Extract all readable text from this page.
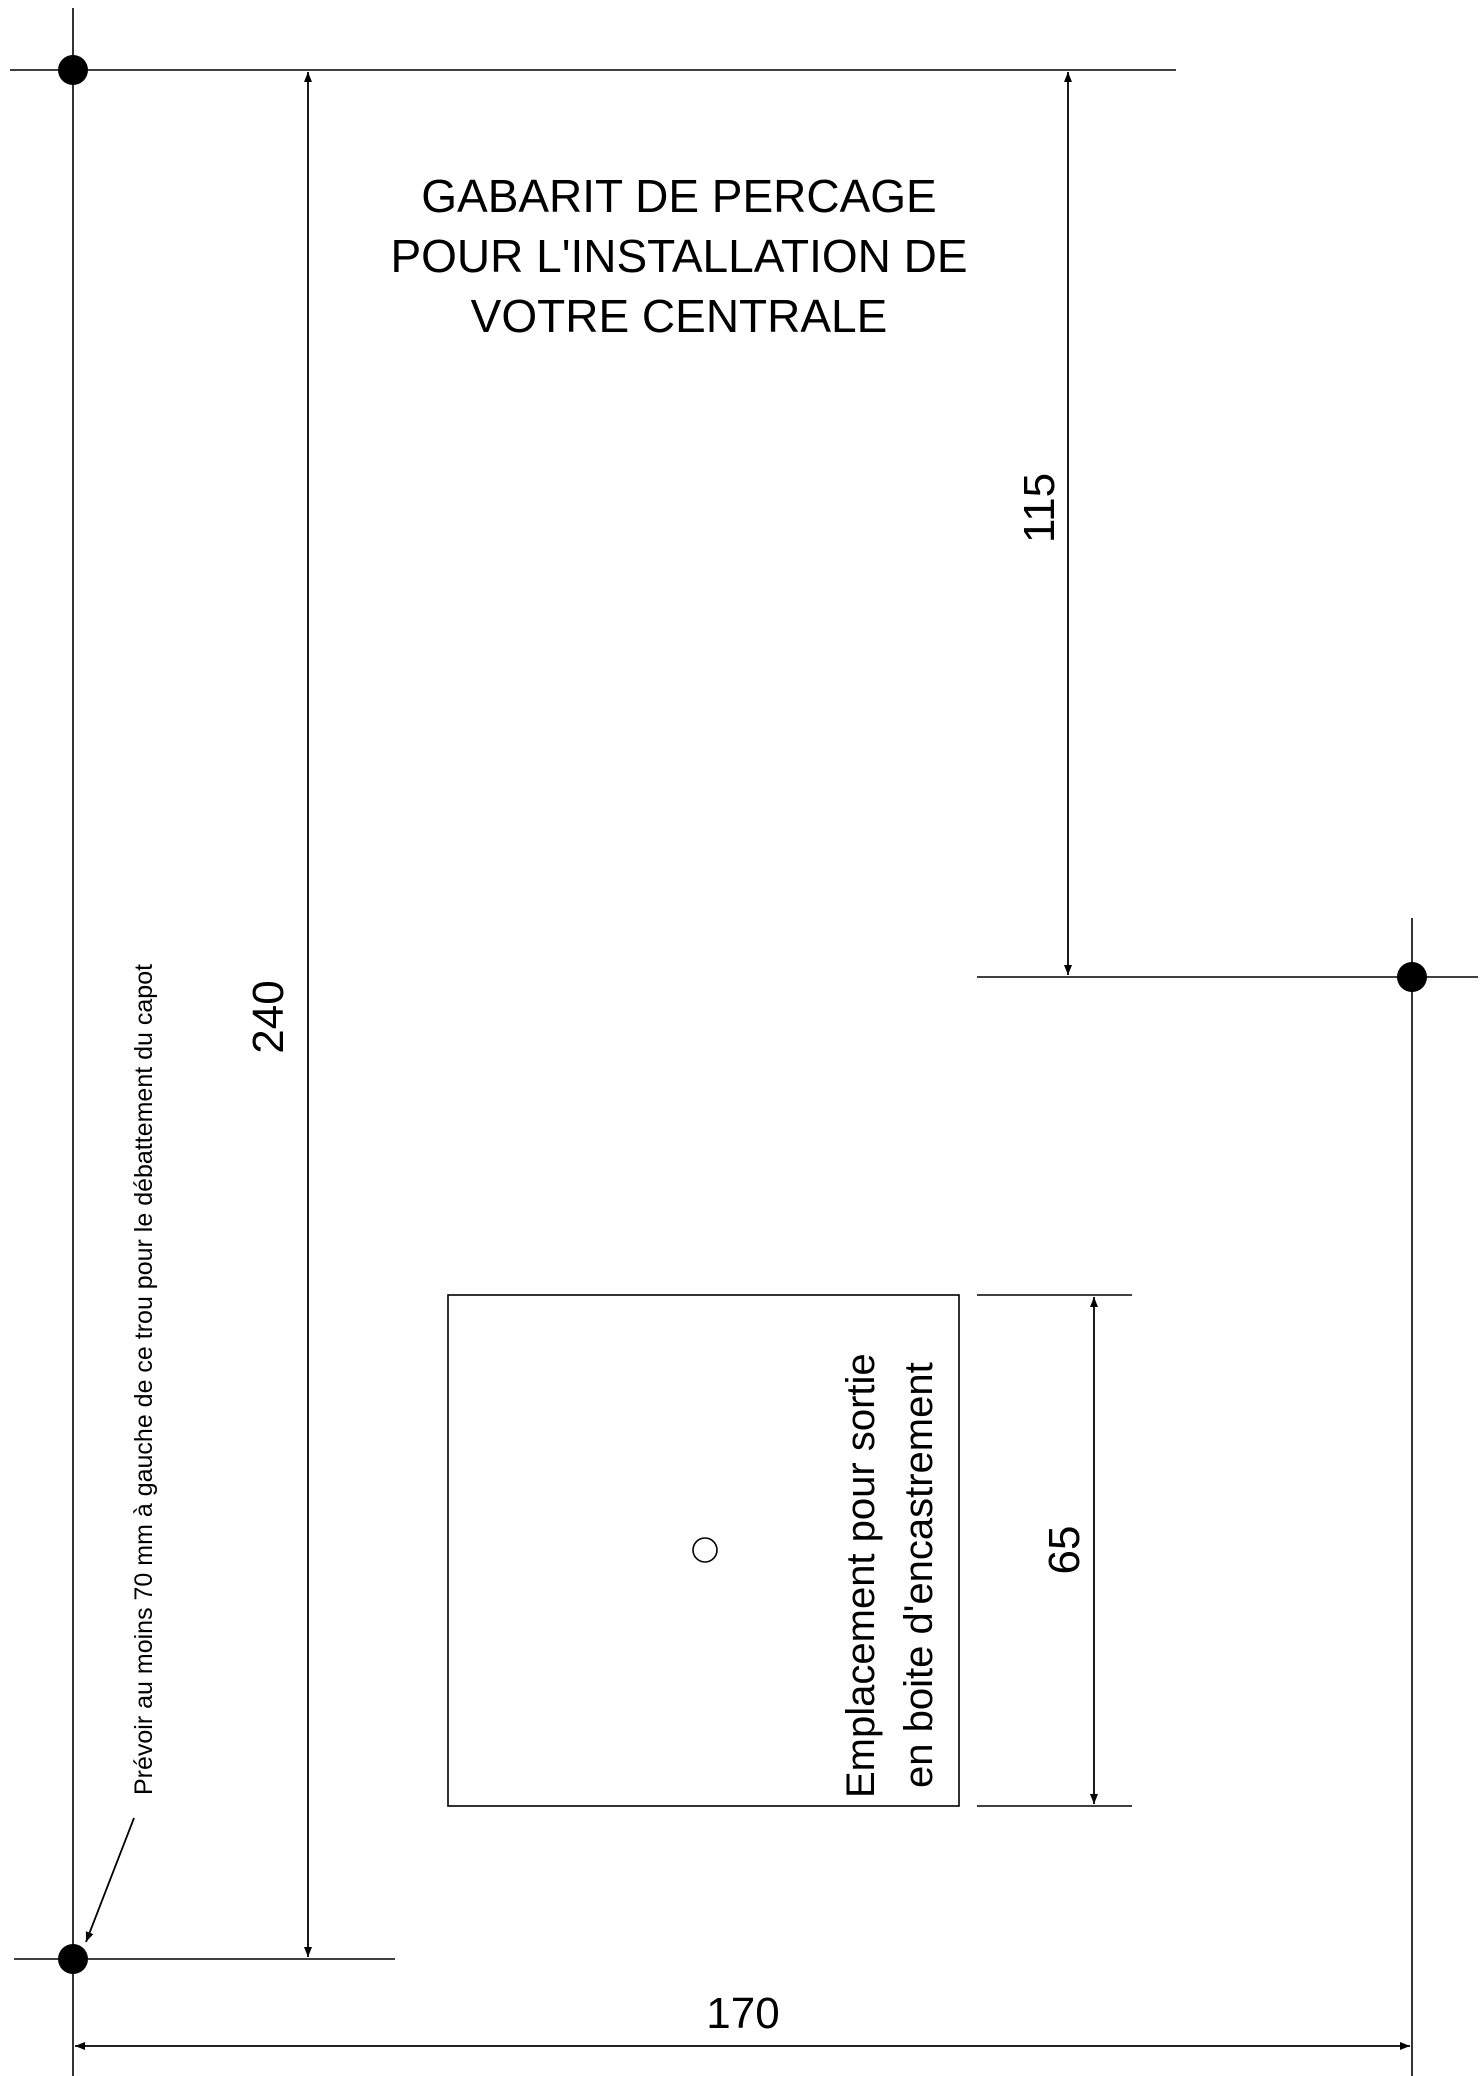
GABARIT DE PERCAGE
POUR L'INSTALLATION DE
VOTRE CENTRALE
240
115
65
170
Prévoir au moins 70 mm à gauche de ce trou pour le débattement du capot	Emplacement pour sortie en boite d'encastrement
